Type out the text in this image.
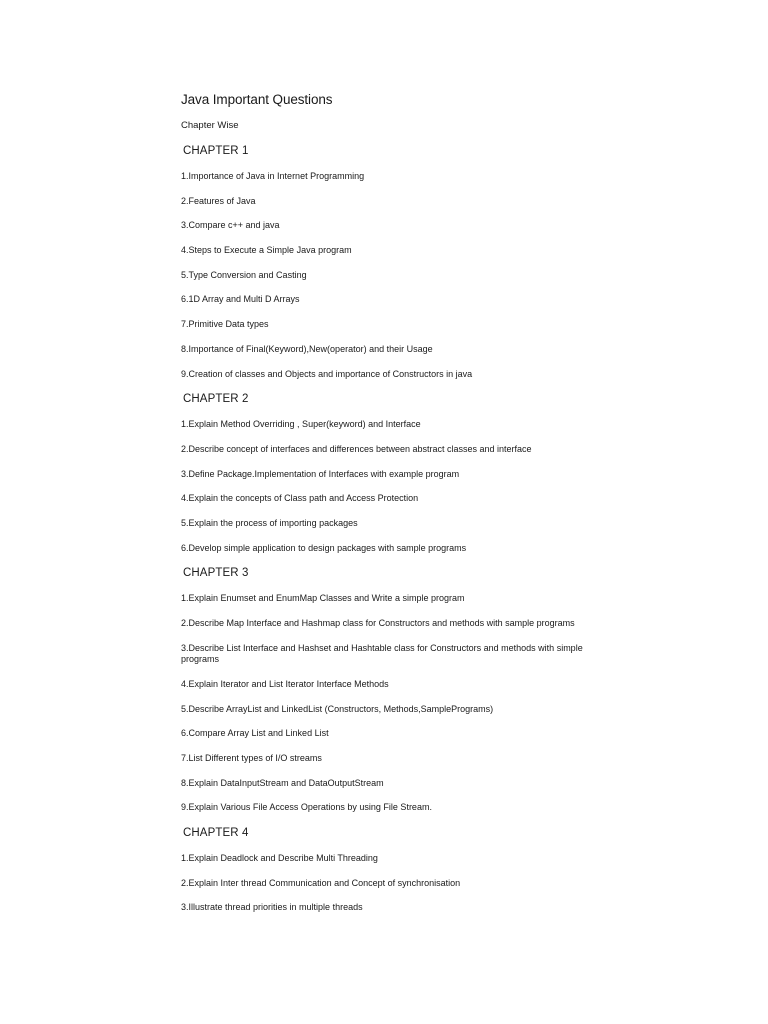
Java Important Questions

Chapter Wise

CHAPTER 1

1.Importance of Java in Internet Programming

2.Features of Java

3.Compare c++ and java

4.Steps to Execute a Simple Java program

5.Type Conversion and Casting

6.1D Array and Multi D Arrays

7.Primitive Data types

8.Importance of Final(Keyword),New(operator) and their Usage

9.Creation of classes and Objects and importance of Constructors in java

CHAPTER 2

1.Explain Method Overriding , Super(keyword) and Interface

2.Describe concept of interfaces and differences between abstract classes and interface

3.Define Package.Implementation of Interfaces with example program

4.Explain the concepts of Class path and Access Protection

5.Explain the process of importing packages

6.Develop simple application to design packages with sample programs

CHAPTER 3

1.Explain Enumset and EnumMap Classes and Write a simple program

2.Describe Map Interface and Hashmap class for Constructors and methods with sample programs

3.Describe List Interface and Hashset and Hashtable class for Constructors and methods with simple programs

4.Explain Iterator and List Iterator Interface Methods

5.Describe ArrayList and LinkedList (Constructors, Methods,SamplePrograms)

6.Compare Array List and Linked List

7.List Different types of I/O streams

8.Explain DataInputStream and DataOutputStream

9.Explain Various File Access Operations by using File Stream.

CHAPTER 4

1.Explain Deadlock and Describe Multi Threading

2.Explain Inter thread Communication and Concept of synchronisation

3.Illustrate thread priorities in multiple threads
